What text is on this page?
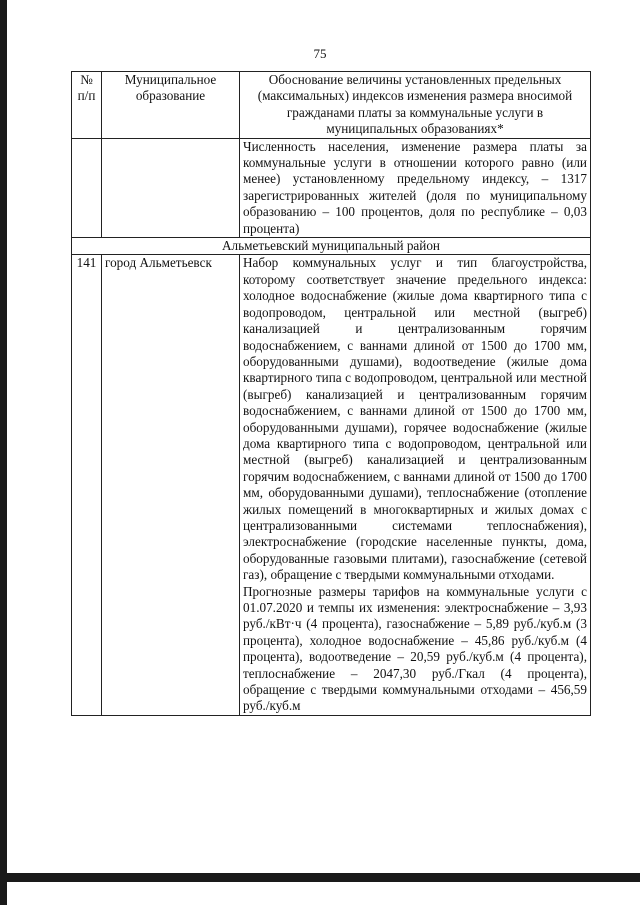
75
№ п/п	Муниципальное образование	Обоснование величины установленных предельных (максимальных) индексов изменения размера вносимой гражданами платы за коммунальные услуги в муниципальных образованиях*
		Численность населения, изменение размера платы за коммунальные услуги в отношении которого равно (или менее) установленному предельному индексу, – 1317 зарегистрированных жителей (доля по муниципальному образованию – 100 процентов, доля по республике – 0,03 процента)
Альметьевский муниципальный район		
141	город Альметьевск	Набор коммунальных услуг и тип благоустройства, которому соответствует значение предельного индекса: холодное водоснабжение (жилые дома квартирного типа с водопроводом, центральной или местной (выгреб) канализацией и централизованным горячим водоснабжением, с ваннами длиной от 1500 до 1700 мм, оборудованными душами), водоотведение (жилые дома квартирного типа с водопроводом, центральной или местной (выгреб) канализацией и централизованным горячим водоснабжением, с ваннами длиной от 1500 до 1700 мм, оборудованными душами), горячее водоснабжение (жилые дома квартирного типа с водопроводом, центральной или местной (выгреб) канализацией и централизованным горячим водоснабжением, с ваннами длиной от 1500 до 1700 мм, оборудованными душами), теплоснабжение (отопление жилых помещений в многоквартирных и жилых домах с централизованными системами теплоснабжения), электроснабжение (городские населенные пункты, дома, оборудованные газовыми плитами), газоснабжение (сетевой газ), обращение с твердыми коммунальными отходами.

Прогнозные размеры тарифов на коммунальные услуги с 01.07.2020 и темпы их изменения: электроснабжение – 3,93 руб./кВт·ч (4 процента), газоснабжение – 5,89 руб./куб.м (3 процента), холодное водоснабжение – 45,86 руб./куб.м (4 процента), водоотведение – 20,59 руб./куб.м (4 процента), теплоснабжение – 2047,30 руб./Гкал (4 процента), обращение с твердыми коммунальными отходами – 456,59 руб./куб.м
